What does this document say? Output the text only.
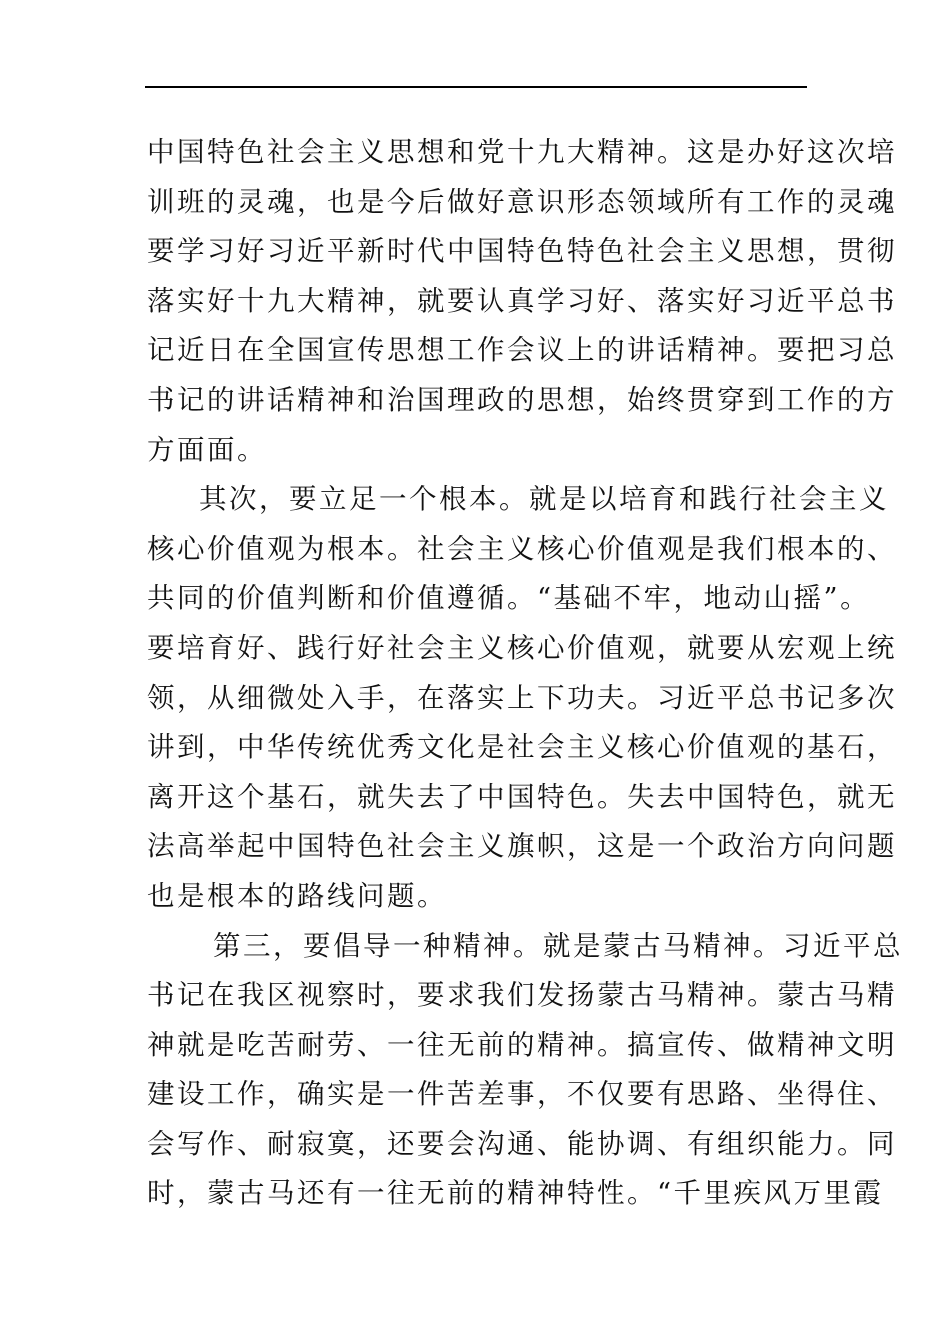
中国特色社会主义思想和党十九大精神。这是办好这次培
训班的灵魂，也是今后做好意识形态领域所有工作的灵魂
要学习好习近平新时代中国特色特色社会主义思想，贯彻
落实好十九大精神，就要认真学习好、落实好习近平总书
记近日在全国宣传思想工作会议上的讲话精神。要把习总
书记的讲话精神和治国理政的思想，始终贯穿到工作的方
方面面。
其次，要立足一个根本。就是以培育和践行社会主义
核心价值观为根本。社会主义核心价值观是我们根本的、
共同的价值判断和价值遵循。“基础不牢，地动山摇”。
要培育好、践行好社会主义核心价值观，就要从宏观上统
领，从细微处入手，在落实上下功夫。习近平总书记多次
讲到，中华传统优秀文化是社会主义核心价值观的基石，
离开这个基石，就失去了中国特色。失去中国特色，就无
法高举起中国特色社会主义旗帜，这是一个政治方向问题
也是根本的路线问题。
第三，要倡导一种精神。就是蒙古马精神。习近平总
书记在我区视察时，要求我们发扬蒙古马精神。蒙古马精
神就是吃苦耐劳、一往无前的精神。搞宣传、做精神文明
建设工作，确实是一件苦差事，不仅要有思路、坐得住、
会写作、耐寂寞，还要会沟通、能协调、有组织能力。同
时，蒙古马还有一往无前的精神特性。“千里疾风万里霞
